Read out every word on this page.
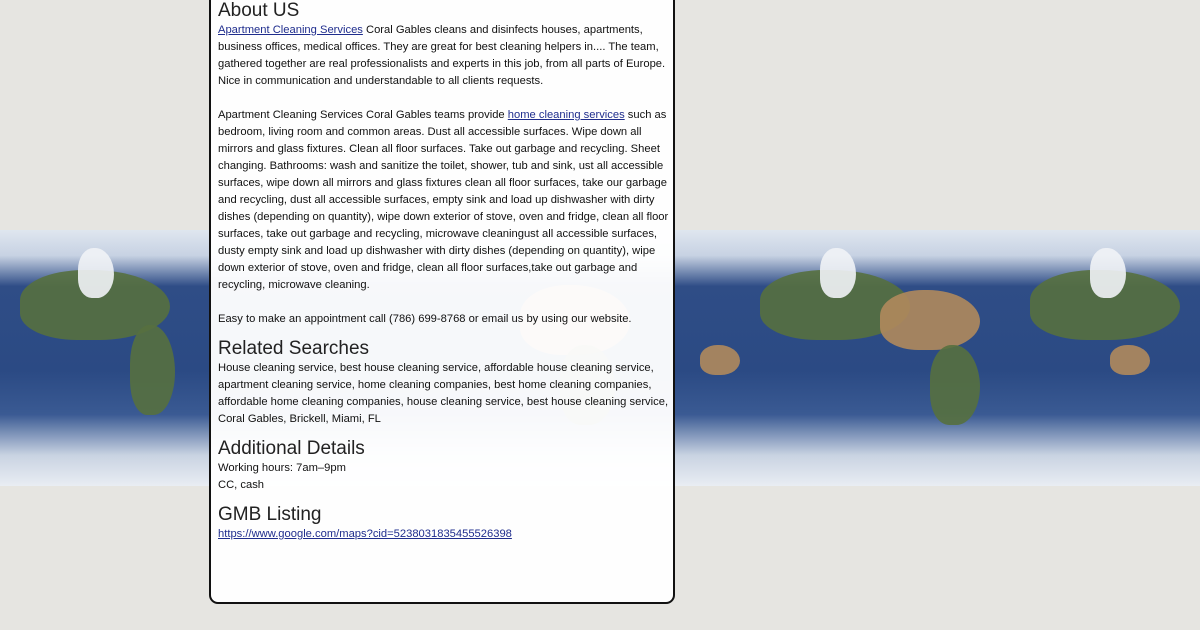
About US

Apartment Cleaning Services Coral Gables cleans and disinfects houses, apartments, business offices, medical offices. They are great for best cleaning helpers in.... The team, gathered together are real professionalists and experts in this job, from all parts of Europe. Nice in communication and understandable to all clients requests.

Apartment Cleaning Services Coral Gables teams provide home cleaning services such as bedroom, living room and common areas. Dust all accessible surfaces. Wipe down all mirrors and glass fixtures. Clean all floor surfaces. Take out garbage and recycling. Sheet changing. Bathrooms: wash and sanitize the toilet, shower, tub and sink, ust all accessible surfaces, wipe down all mirrors and glass fixtures clean all floor surfaces, take our garbage and recycling, dust all accessible surfaces, empty sink and load up dishwasher with dirty dishes (depending on quantity), wipe down exterior of stove, oven and fridge, clean all floor surfaces, take out garbage and recycling, microwave cleaningust all accessible surfaces, dusty empty sink and load up dishwasher with dirty dishes (depending on quantity), wipe down exterior of stove, oven and fridge, clean all floor surfaces,take out garbage and recycling, microwave cleaning.

Easy to make an appointment call (786) 699-8768 or email us by using our website.

Related Searches

House cleaning service, best house cleaning service, affordable house cleaning service, apartment cleaning service, home cleaning companies, best home cleaning companies, affordable home cleaning companies, house cleaning service, best house cleaning service, Coral Gables, Brickell, Miami, FL

Additional Details

Working hours: 7am–9pm

CC, cash

GMB Listing

https://www.google.com/maps?cid=5238031835455526398
